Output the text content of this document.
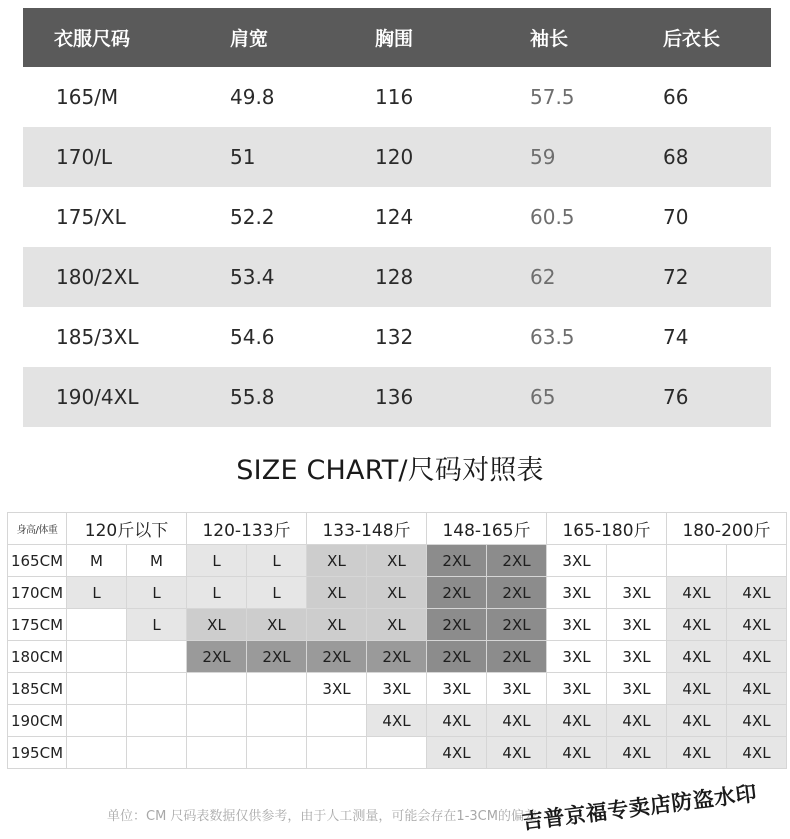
衣服尺码	肩宽	胸围	袖长	后衣长
165/M	49.8	116	57.5	66
170/L	51	120	59	68
175/XL	52.2	124	60.5	70
180/2XL	53.4	128	62	72
185/3XL	54.6	132	63.5	74
190/4XL	55.8	136	65	76
SIZE CHART/尺码对照表
身高/体重	120斤以下		120-133斤		133-148斤		148-165斤		165-180斤		180-200斤	
165CM	M	M	L	L	XL	XL	2XL	2XL	3XL			
170CM	L	L	L	L	XL	XL	2XL	2XL	3XL	3XL	4XL	4XL
175CM		L	XL	XL	XL	XL	2XL	2XL	3XL	3XL	4XL	4XL
180CM			2XL	2XL	2XL	2XL	2XL	2XL	3XL	3XL	4XL	4XL
185CM					3XL	3XL	3XL	3XL	3XL	3XL	4XL	4XL
190CM						4XL	4XL	4XL	4XL	4XL	4XL	4XL
195CM							4XL	4XL	4XL	4XL	4XL	4XL
单位：CM 尺码表数据仅供参考，由于人工测量，可能会存在1-3CM的偏差
吉普京福专卖店防盗水印
